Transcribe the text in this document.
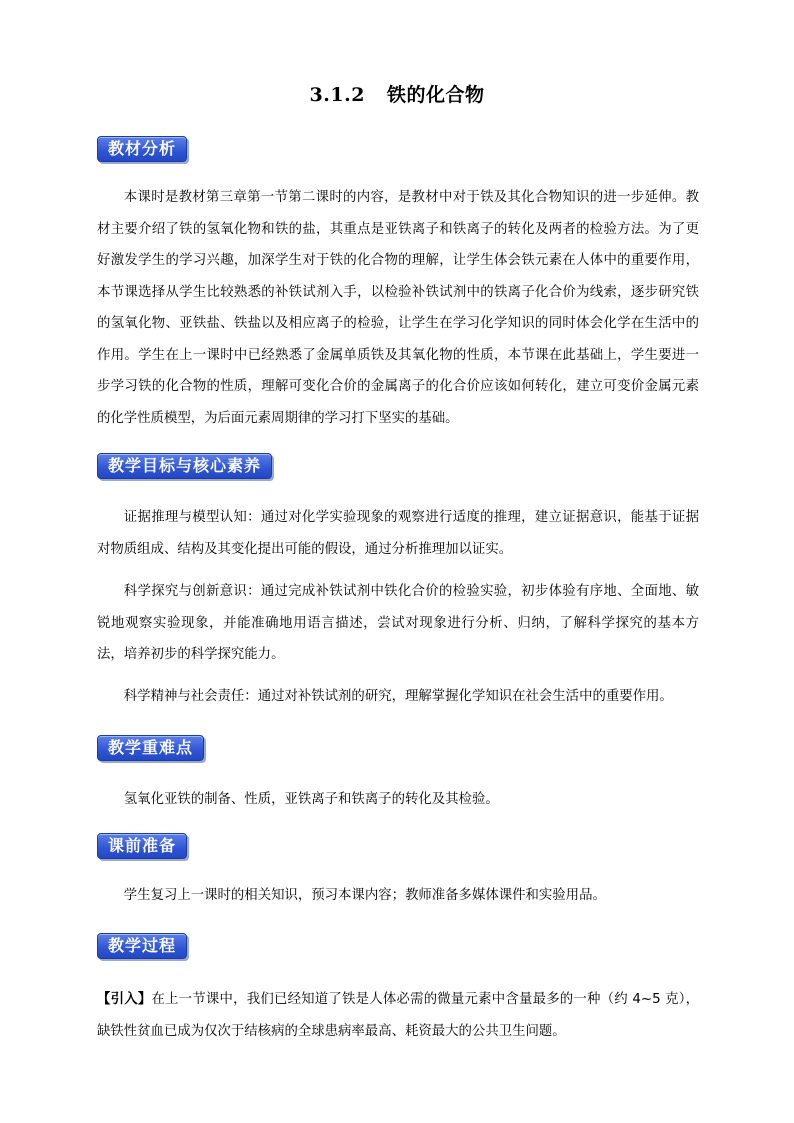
3.1.2 铁的化合物
教材分析
本课时是教材第三章第一节第二课时的内容，是教材中对于铁及其化合物知识的进一步延伸。教材主要介绍了铁的氢氧化物和铁的盐，其重点是亚铁离子和铁离子的转化及两者的检验方法。为了更好激发学生的学习兴趣，加深学生对于铁的化合物的理解，让学生体会铁元素在人体中的重要作用，本节课选择从学生比较熟悉的补铁试剂入手，以检验补铁试剂中的铁离子化合价为线索，逐步研究铁的氢氧化物、亚铁盐、铁盐以及相应离子的检验，让学生在学习化学知识的同时体会化学在生活中的作用。学生在上一课时中已经熟悉了金属单质铁及其氧化物的性质，本节课在此基础上，学生要进一步学习铁的化合物的性质，理解可变化合价的金属离子的化合价应该如何转化，建立可变价金属元素的化学性质模型，为后面元素周期律的学习打下坚实的基础。
教学目标与核心素养
证据推理与模型认知：通过对化学实验现象的观察进行适度的推理，建立证据意识，能基于证据对物质组成、结构及其变化提出可能的假设，通过分析推理加以证实。
科学探究与创新意识：通过完成补铁试剂中铁化合价的检验实验，初步体验有序地、全面地、敏锐地观察实验现象，并能准确地用语言描述，尝试对现象进行分析、归纳，了解科学探究的基本方法，培养初步的科学探究能力。
科学精神与社会责任：通过对补铁试剂的研究，理解掌握化学知识在社会生活中的重要作用。
教学重难点
氢氧化亚铁的制备、性质，亚铁离子和铁离子的转化及其检验。
课前准备
学生复习上一课时的相关知识，预习本课内容；教师准备多媒体课件和实验用品。
教学过程
【引入】在上一节课中，我们已经知道了铁是人体必需的微量元素中含量最多的一种（约 4~5 克），缺铁性贫血已成为仅次于结核病的全球患病率最高、耗资最大的公共卫生问题。
